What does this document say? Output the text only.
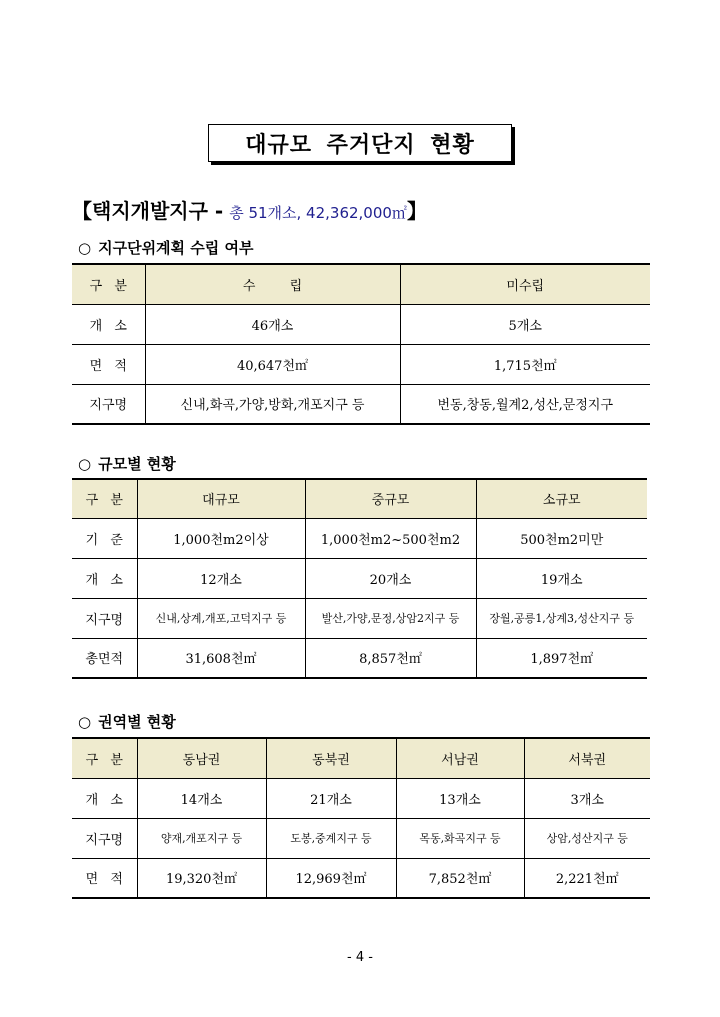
대규모 주거단지 현황
【택지개발지구 - 총 51개소, 42,362,000㎡】
○ 지구단위계획 수립 여부
구 분	수 립	미수립
개 소	46개소	5개소
면 적	40,647천㎡	1,715천㎡
지구명	신내,화곡,가양,방화,개포지구 등	번동,창동,월계2,성산,문정지구
○ 규모별 현황
구 분	대규모	중규모	소규모
기 준	1,000천m2이상	1,000천m2~500천m2	500천m2미만
개 소	12개소	20개소	19개소
지구명	신내,상계,개포,고덕지구 등	발산,가양,문정,상암2지구 등	장월,공릉1,상계3,성산지구 등
총면적	31,608천㎡	8,857천㎡	1,897천㎡
○ 권역별 현황
구 분	동남권	동북권	서남권	서북권
개 소	14개소	21개소	13개소	3개소
지구명	양재,개포지구 등	도봉,중계지구 등	목동,화곡지구 등	상암,성산지구 등
면 적	19,320천㎡	12,969천㎡	7,852천㎡	2,221천㎡
- 4 -
